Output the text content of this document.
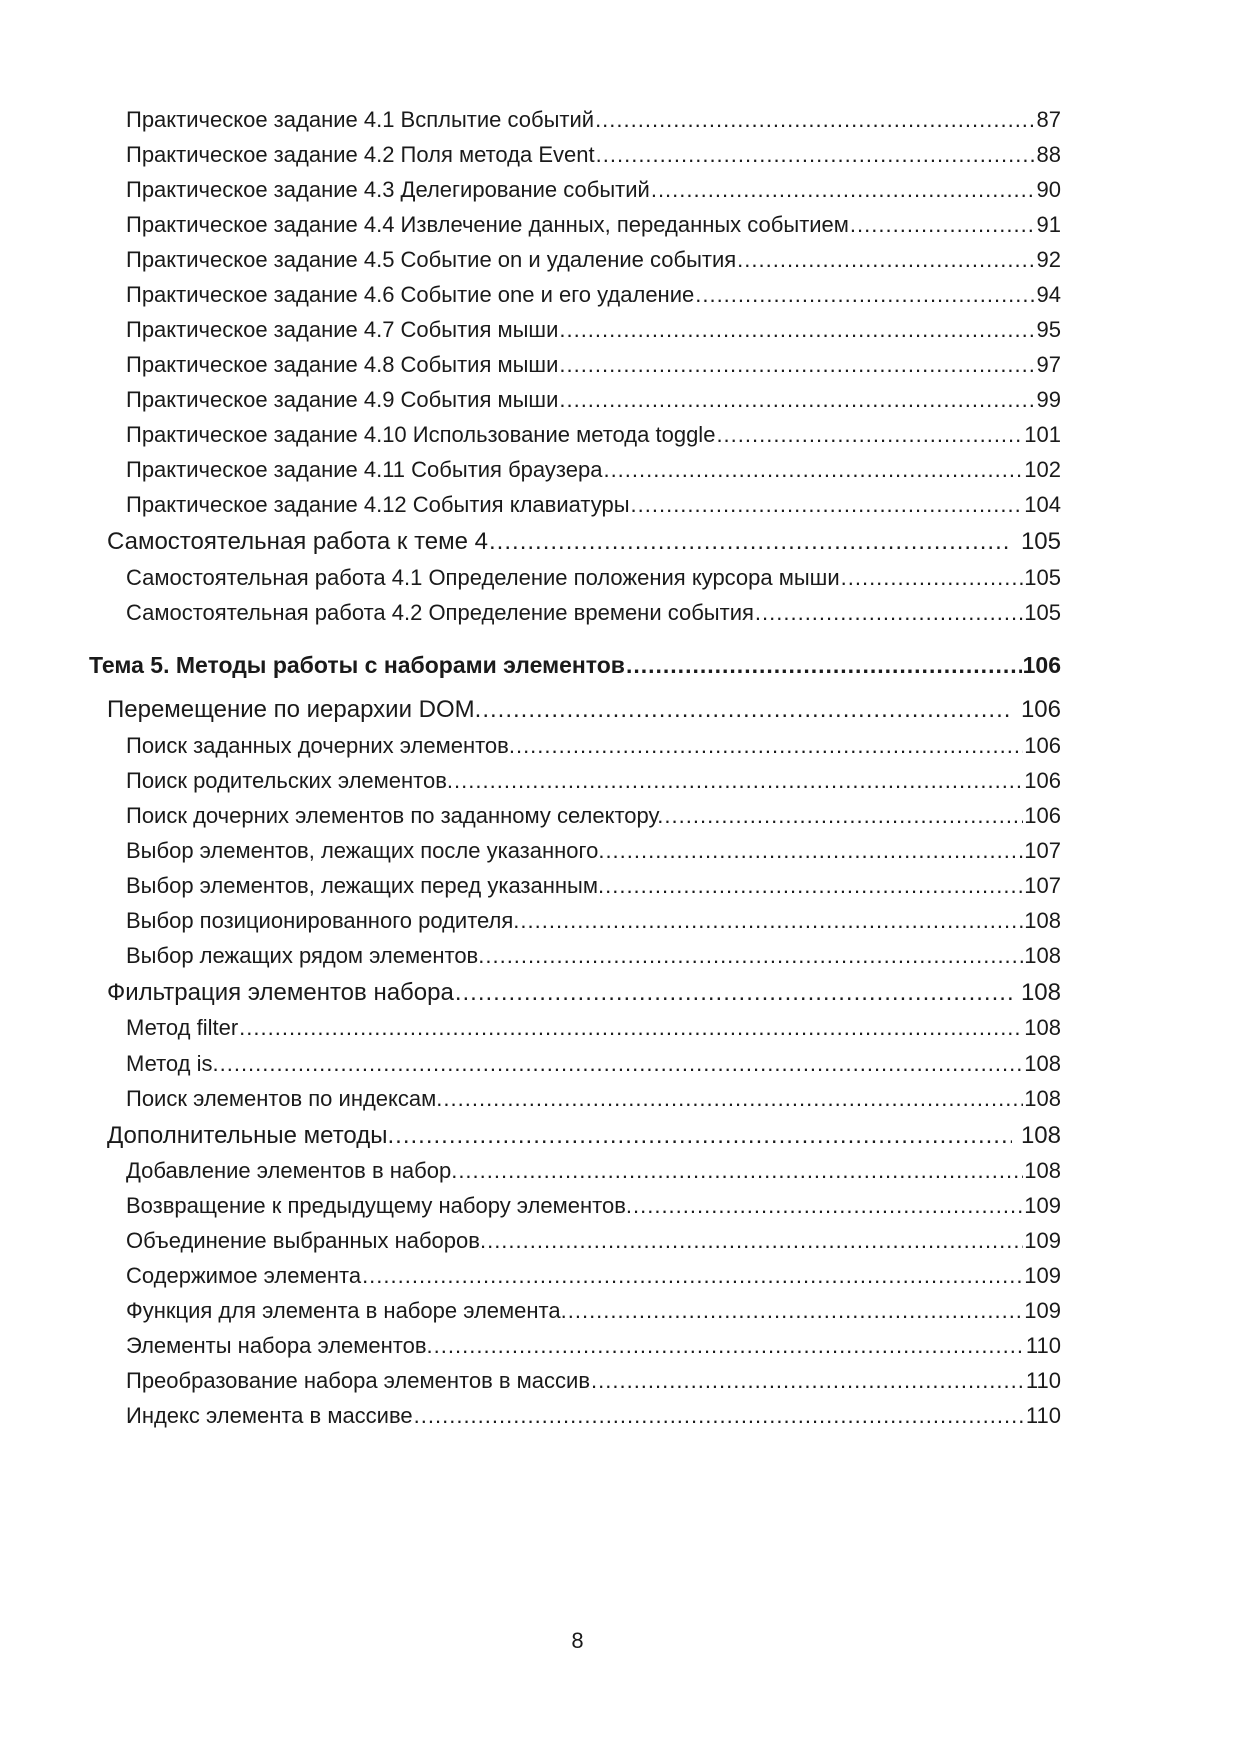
Практическое задание 4.1 Всплытие событий .....	87
Практическое задание 4.2 Поля метода Event .....	88
Практическое задание 4.3 Делегирование событий .....	90
Практическое задание 4.4 Извлечение данных, переданных событием .....	91
Практическое задание 4.5 Событие on и удаление события .....	92
Практическое задание 4.6 Событие one и его удаление .....	94
Практическое задание 4.7 События мыши .....	95
Практическое задание 4.8 События мыши .....	97
Практическое задание 4.9 События мыши .....	99
Практическое задание 4.10 Использование метода toggle .....	101
Практическое задание 4.11 События браузера .....	102
Практическое задание 4.12 События клавиатуры .....	104
Самостоятельная работа к теме 4 .....	105
Самостоятельная работа 4.1 Определение положения курсора мыши .....	105
Самостоятельная работа 4.2 Определение времени события .....	105
Тема 5. Методы работы с наборами элементов .....	106
Перемещение по иерархии DOM. .....	106
Поиск заданных дочерних элементов. .....	106
Поиск родительских элементов. .....	106
Поиск дочерних элементов по заданному селектору. .....	106
Выбор элементов, лежащих после указанного. .....	107
Выбор элементов, лежащих перед указанным. .....	107
Выбор позиционированного родителя. .....	108
Выбор лежащих рядом элементов. .....	108
Фильтрация элементов набора .....	108
Метод filter .....	108
Метод is. .....	108
Поиск элементов по индексам. .....	108
Дополнительные методы. .....	108
Добавление элементов в набор. .....	108
Возвращение к предыдущему набору элементов. .....	109
Объединение выбранных наборов. .....	109
Содержимое элемента .....	109
Функция для элемента в наборе элемента. .....	109
Элементы набора элементов. .....	110
Преобразование набора элементов в массив .....	110
Индекс элемента в массиве .....	110
8
